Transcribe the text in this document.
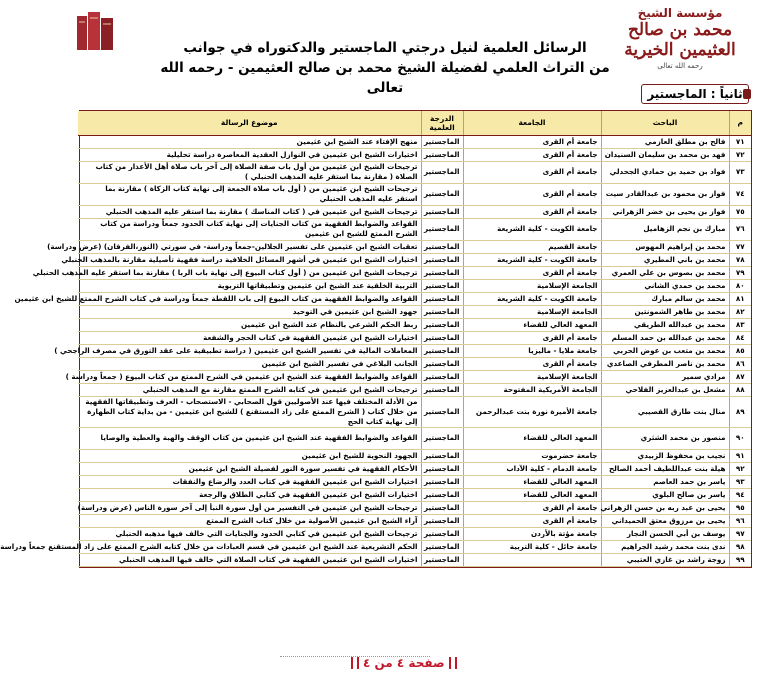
مؤسسة الشيخ
محمد بن صالح العثيمين الخيرية
رحمه الله تعالى
الرسائل العلمية لنيل درجتي الماجستير والدكتوراه في جوانب
من التراث العلمي لفضيلة الشيخ محمد بن صالح العثيمين - رحمه الله تعالى	ثانياً : الماجستير
م	الباحث	الجامعة	الدرجة العلمية	موضوع الرسالة
٧١	فالح بن مطلق العازمي	جامعة أم القرى	الماجستير	منهج الإفتاء عند الشيخ ابن عثيمين
٧٢	فهد بن محمد بن سليمان السنيدان	جامعة أم القرى	الماجستير	اختيارات الشيخ ابن عثيمين في النوازل العقدية المعاصرة دراسة تحليلية
٧٣	فواد بن حميد بن حمادي الجحدلي	جامعة أم القرى	الماجستير	ترجيحات الشيخ ابن عثيمين من أول باب صفة الصلاة إلى آخر باب صلاة أهل الأعذار من كتاب الصلاة ( مقارنة بما استقر عليه المذهب الحنبلي )
٧٤	فواز بن محمود بن عبدالقادر سيت	جامعة أم القرى	الماجستير	ترجيحات الشيخ ابن عثيمين من ( أول باب صلاة الجمعة إلى نهاية كتاب الزكاة ) مقارنة بما استقر عليه المذهب الحنبلي
٧٥	فواز بن يحيى بن خضر الزهراني	جامعة أم القرى	الماجستير	ترجيحات الشيخ ابن عثيمين في ( كتاب المناسك ) مقارنة بما استقر عليه المذهب الحنبلي
٧٦	مبارك بن نجم الزهاميل	جامعة الكويت - كلية الشريعة	الماجستير	القواعد والضوابط الفقهية من كتاب الجنايات إلى نهاية كتاب الحدود جمعاً ودراسة من كتاب الشرح الممتع للشيخ ابن عثيمين
٧٧	محمد بن إبراهيم المهوس	جامعة القصيم	الماجستير	تعقبات الشيخ ابن عثيمين على تفسير الجلالين-جمعاً ودراسة- في سورتي (النور،الفرقان) (عرض ودراسة)
٧٨	محمد بن باني المطيري	جامعة الكويت - كلية الشريعة	الماجستير	اختيارات الشيخ ابن عثيمين في أشهر المسائل الخلافية دراسة فقهية تأصيلية مقارنة بالمذهب الحنبلي
٧٩	محمد بن بصوس بن علي العمري	جامعة أم القرى	الماجستير	ترجيحات الشيخ ابن عثيمين من ( أول كتاب البيوع إلى نهاية باب الربا ) مقارنة بما استقر عليه المذهب الحنبلي
٨٠	محمد بن حمدي الشاني	الجامعة الإسلامية	الماجستير	التربية الخلقية عند الشيخ ابن عثيمين وتطبيقاتها التربوية
٨١	محمد بن سالم مبارك	جامعة الكويت - كلية الشريعة	الماجستير	القواعد والضوابط الفقهية من كتاب البيوع إلى باب اللقطة جمعاً ودراسة في كتاب الشرح الممتع للشيخ ابن عثيمين
٨٢	محمد بن طاهر الشمونتين	الجامعة الإسلامية	الماجستير	جهود الشيخ ابن عثيمين في التوحيد
٨٣	محمد بن عبدالله الطريقي	المعهد العالي للقضاء	الماجستير	ربط الحكم الشرعي بالنظام عند الشيخ ابن عثيمين
٨٤	محمد بن عبدالله بن حمد المسلم	جامعة أم القرى	الماجستير	اختيارات الشيخ ابن عثيمين الفقهية في كتاب الحجر والشفعة
٨٥	محمد بن متعب بن عوض الحربي	جامعة ملايا - ماليزيا	الماجستير	المعاملات المالية في تفسير الشيخ ابن عثيمين ( دراسة تطبيقية على عقد التورق في مصرف الراجحي )
٨٦	محمد بن ناصر المطرفي الصاعدي	جامعة أم القرى	الماجستير	الجانب البلاغي في تفسير الشيخ ابن عثيمين
٨٧	مرادي سمير	الجامعة الإسلامية	الماجستير	القواعد والضوابط الفقهية عند الشيخ ابن عثيمين في الشرح الممتع من كتاب البيوع ( جمعاً ودراسة )
٨٨	مشعل بن عبدالعزيز الفلاحي	الجامعة الأمريكية المفتوحة	الماجستير	ترجيحات الشيخ ابن عثيمين في كتابه الشرح الممتع مقارنة مع المذهب الحنبلي
٨٩	منال بنت طارق القصيبي	جامعة الأميرة نورة بنت عبدالرحمن	الماجستير	من الأدلة المختلف فيها عند الأصوليين قول الصحابي - الاستصحاب - العرف وتطبيقاتها الفقهية من خلال كتاب ( الشرح الممتع على زاد المستقنع ) للشيخ ابن عثيمين - من بداية كتاب الطهارة إلى نهاية كتاب الحج
٩٠	منصور بن محمد الشثري	المعهد العالي للقضاء	الماجستير	القواعد والضوابط الفقهية عند الشيخ ابن عثيمين من كتاب الوقف والهبة والعطية والوصايا
٩١	نجيب بن محفوظ الزبيدي	جامعة حضرموت	الماجستير	الجهود النحوية للشيخ ابن عثيمين
٩٢	هيلة بنت عبداللطيف أحمد الصالح	جامعة الدمام - كلية الآداب	الماجستير	الأحكام الفقهية في تفسير سورة النور لفضيلة الشيخ ابن عثيمين
٩٣	ياسر بن حمد العاصم	المعهد العالي للقضاء	الماجستير	اختيارات الشيخ ابن عثيمين الفقهية في كتاب العدد والرضاع والنفقات
٩٤	ياسر بن صالح البلوي	المعهد العالي للقضاء	الماجستير	اختيارات الشيخ ابن عثيمين الفقهية في كتابي الطلاق والرجعة
٩٥	يحيى بن عبد ربه بن حسن الزهراني	جامعة أم القرى	الماجستير	ترجيحات الشيخ ابن عثيمين في التفسير من أول سورة النبأ إلى آخر سورة الناس (عرض ودراسة)
٩٦	يحيى بن مرزوق معتق الحميداني	جامعة أم القرى	الماجستير	آراء الشيخ ابن عثيمين الأصولية من خلال كتاب الشرح الممتع
٩٧	يوسف بن أبي الحسن النجار	جامعة مؤتة بالأردن	الماجستير	ترجيحات الشيخ ابن عثيمين في كتابي الحدود والجنايات التي خالف فيها مذهبه الحنبلي
٩٨	ندى بنت محمد رشيد الجراهيم	جامعة حائل - كلية التربية	الماجستير	الحكم التشريعية عند الشيخ ابن عثيمين في قسم العبادات من خلال كتابه الشرح الممتع على زاد المستقنع جمعاً ودراسة
٩٩	زوجة راشد بن غازي العتيبي		الماجستير	اختيارات الشيخ ابن عثيمين الفقهية في كتاب الصلاة التي خالف فيها المذهب الحنبلي
صفحة ٤ من ٤
